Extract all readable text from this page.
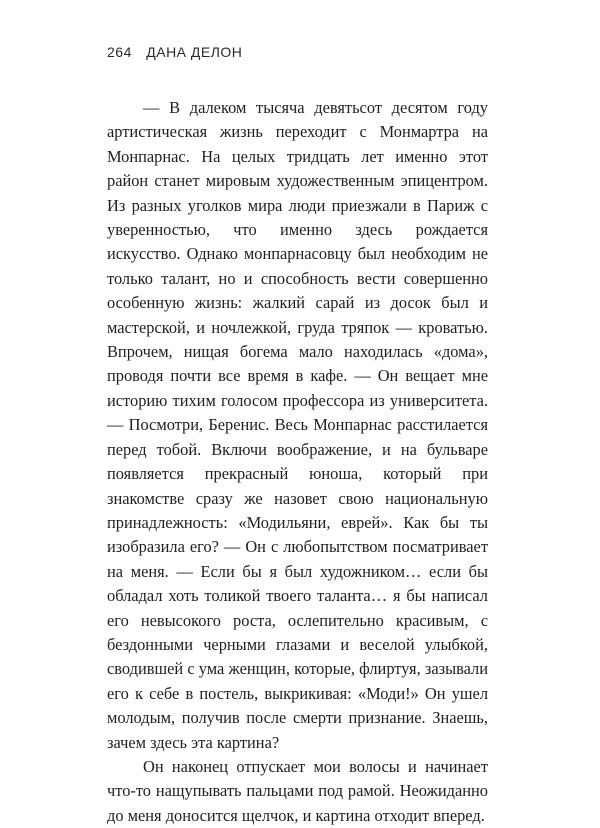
264 ДАНА ДЕЛОН

— В далеком тысяча девятьсот десятом году артистическая жизнь переходит с Монмартра на Монпарнас. На целых тридцать лет именно этот район станет мировым художественным эпицентром. Из разных уголков мира люди приезжали в Париж с уверенностью, что именно здесь рождается искусство. Однако монпарнасовцу был необходим не только талант, но и способность вести совершенно особенную жизнь: жалкий сарай из досок был и мастерской, и ночлежкой, груда тряпок — кроватью. Впрочем, нищая богема мало находилась «дома», проводя почти все время в кафе. — Он вещает мне историю тихим голосом профессора из университета. — Посмотри, Беренис. Весь Монпарнас расстилается перед тобой. Включи воображение, и на бульваре появляется прекрасный юноша, который при знакомстве сразу же назовет свою национальную принадлежность: «Модильяни, еврей». Как бы ты изобразила его? — Он с любопытством посматривает на меня. — Если бы я был художником… если бы обладал хоть толикой твоего таланта… я бы написал его невысокого роста, ослепительно красивым, с бездонными черными глазами и веселой улыбкой, сводившей с ума женщин, которые, флиртуя, зазывали его к себе в постель, выкрикивая: «Моди!» Он ушел молодым, получив после смерти признание. Знаешь, зачем здесь эта картина?

Он наконец отпускает мои волосы и начинает что-то нащупывать пальцами под рамой. Неожиданно до меня доносится щелчок, и картина отходит вперед.
